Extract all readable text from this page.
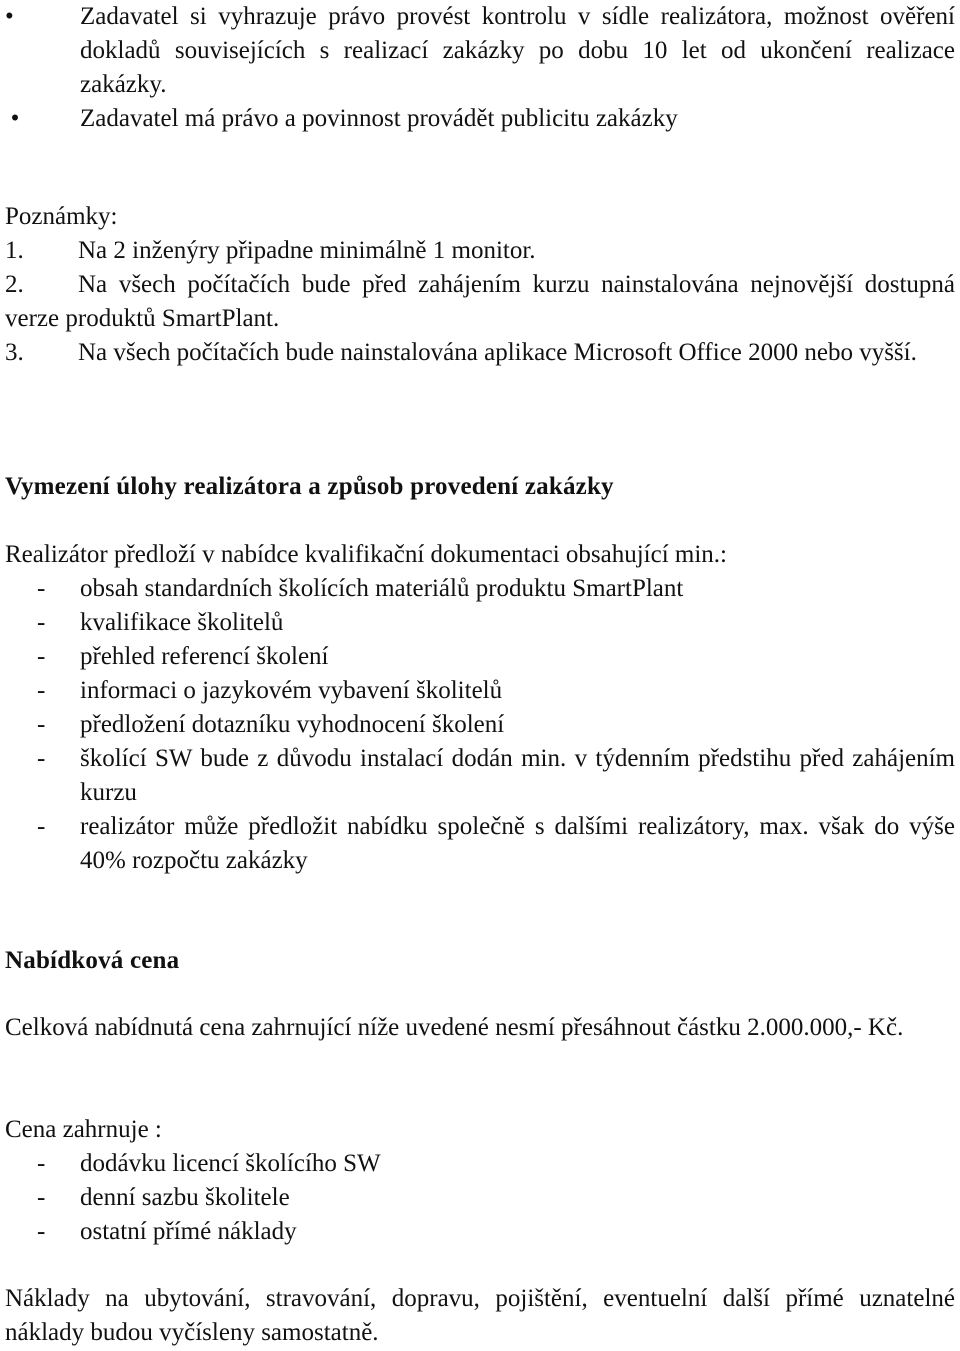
•	Zadavatel si vyhrazuje právo provést kontrolu v sídle realizátora, možnost ověření dokladů souvisejících s realizací zakázky po dobu 10 let od ukončení realizace zakázky.

• Zadavatel má právo a povinnost provádět publicitu zakázky

Poznámky:

1. Na 2 inženýry připadne minimálně 1 monitor.

2. Na všech počítačích bude před zahájením kurzu nainstalována nejnovější dostupná verze produktů SmartPlant.

3. Na všech počítačích bude nainstalována aplikace Microsoft Office 2000 nebo vyšší.

Vymezení úlohy realizátora a způsob provedení zakázky

Realizátor předloží v nabídce kvalifikační dokumentaci obsahující min.:

- obsah standardních školících materiálů produktu SmartPlant

- kvalifikace školitelů

- přehled referencí školení

- informaci o jazykovém vybavení školitelů

- předložení dotazníku vyhodnocení školení

- školící SW bude z důvodu instalací dodán min. v týdenním předstihu před zahájením kurzu

- realizátor může předložit nabídku společně s dalšími realizátory, max. však do výše 40% rozpočtu zakázky

Nabídková cena

Celková nabídnutá cena zahrnující níže uvedené nesmí přesáhnout částku 2.000.000,- Kč.

Cena zahrnuje :

- dodávku licencí školícího SW

- denní sazbu školitele

- ostatní přímé náklady

Náklady na ubytování, stravování, dopravu, pojištění, eventuelní další přímé uznatelné náklady budou vyčísleny samostatně.
